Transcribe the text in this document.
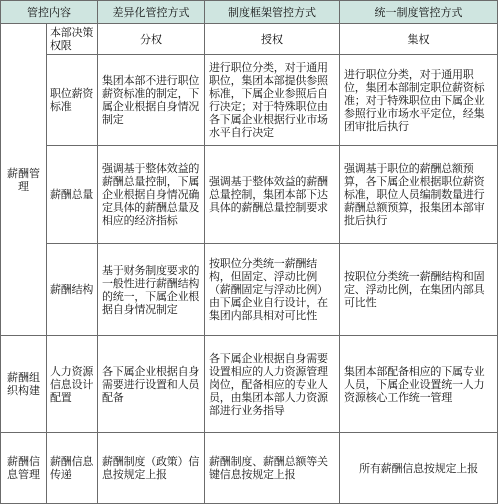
管控内容		差异化管控方式	制度框架管控方式	统一制度管控方式
薪酬管理	本部决策权限	分权	授权	集权
	职位薪资标准	集团本部不进行职位薪资标准的制定，下属企业根据自身情况制定	进行职位分类，对于通用职位，集团本部提供参照标准，下属企业参照后自行决定；对于特殊职位由各下属企业根据行业市场水平自行决定	进行职位分类，对于通用职位，集团本部制定职位薪资标准；对于特殊职位由下属企业参照行业市场水平定位，经集团审批后执行
	薪酬总量	强调基于整体效益的薪酬总量控制，下属企业根据自身情况确定具体的薪酬总量及相应的经济指标	强调基于整体效益的薪酬总量控制，集团本部下达具体的薪酬总量控制要求	强调基于职位的薪酬总额预算，各下属企业根据职位薪资标准，职位人员编制数量进行薪酬总额预算，报集团本部审批后执行
	薪酬结构	基于财务制度要求的一般性进行薪酬结构的统一，下属企业根据自身情况制定	按职位分类统一薪酬结构，但固定、浮动比例（薪酬固定与浮动比例）由下属企业自行设计，在集团内部具相对可比性	按职位分类统一薪酬结构和固定、浮动比例，在集团内部具可比性
薪酬组织构建	人力资源信息设计配置	各下属企业根据自身需要进行设置和人员配备	各下属企业根据自身需要设置相应的人力资源管理岗位，配备相应的专业人员，由集团本部人力资源部进行业务指导	集团本部配备相应的下属专业人员，下属企业设置统一人力资源核心工作统一管理
薪酬信息管理	薪酬信息传递	薪酬制度（政策）信息按规定上报	薪酬制度、薪酬总额等关键信息按规定上报	所有薪酬信息按规定上报
